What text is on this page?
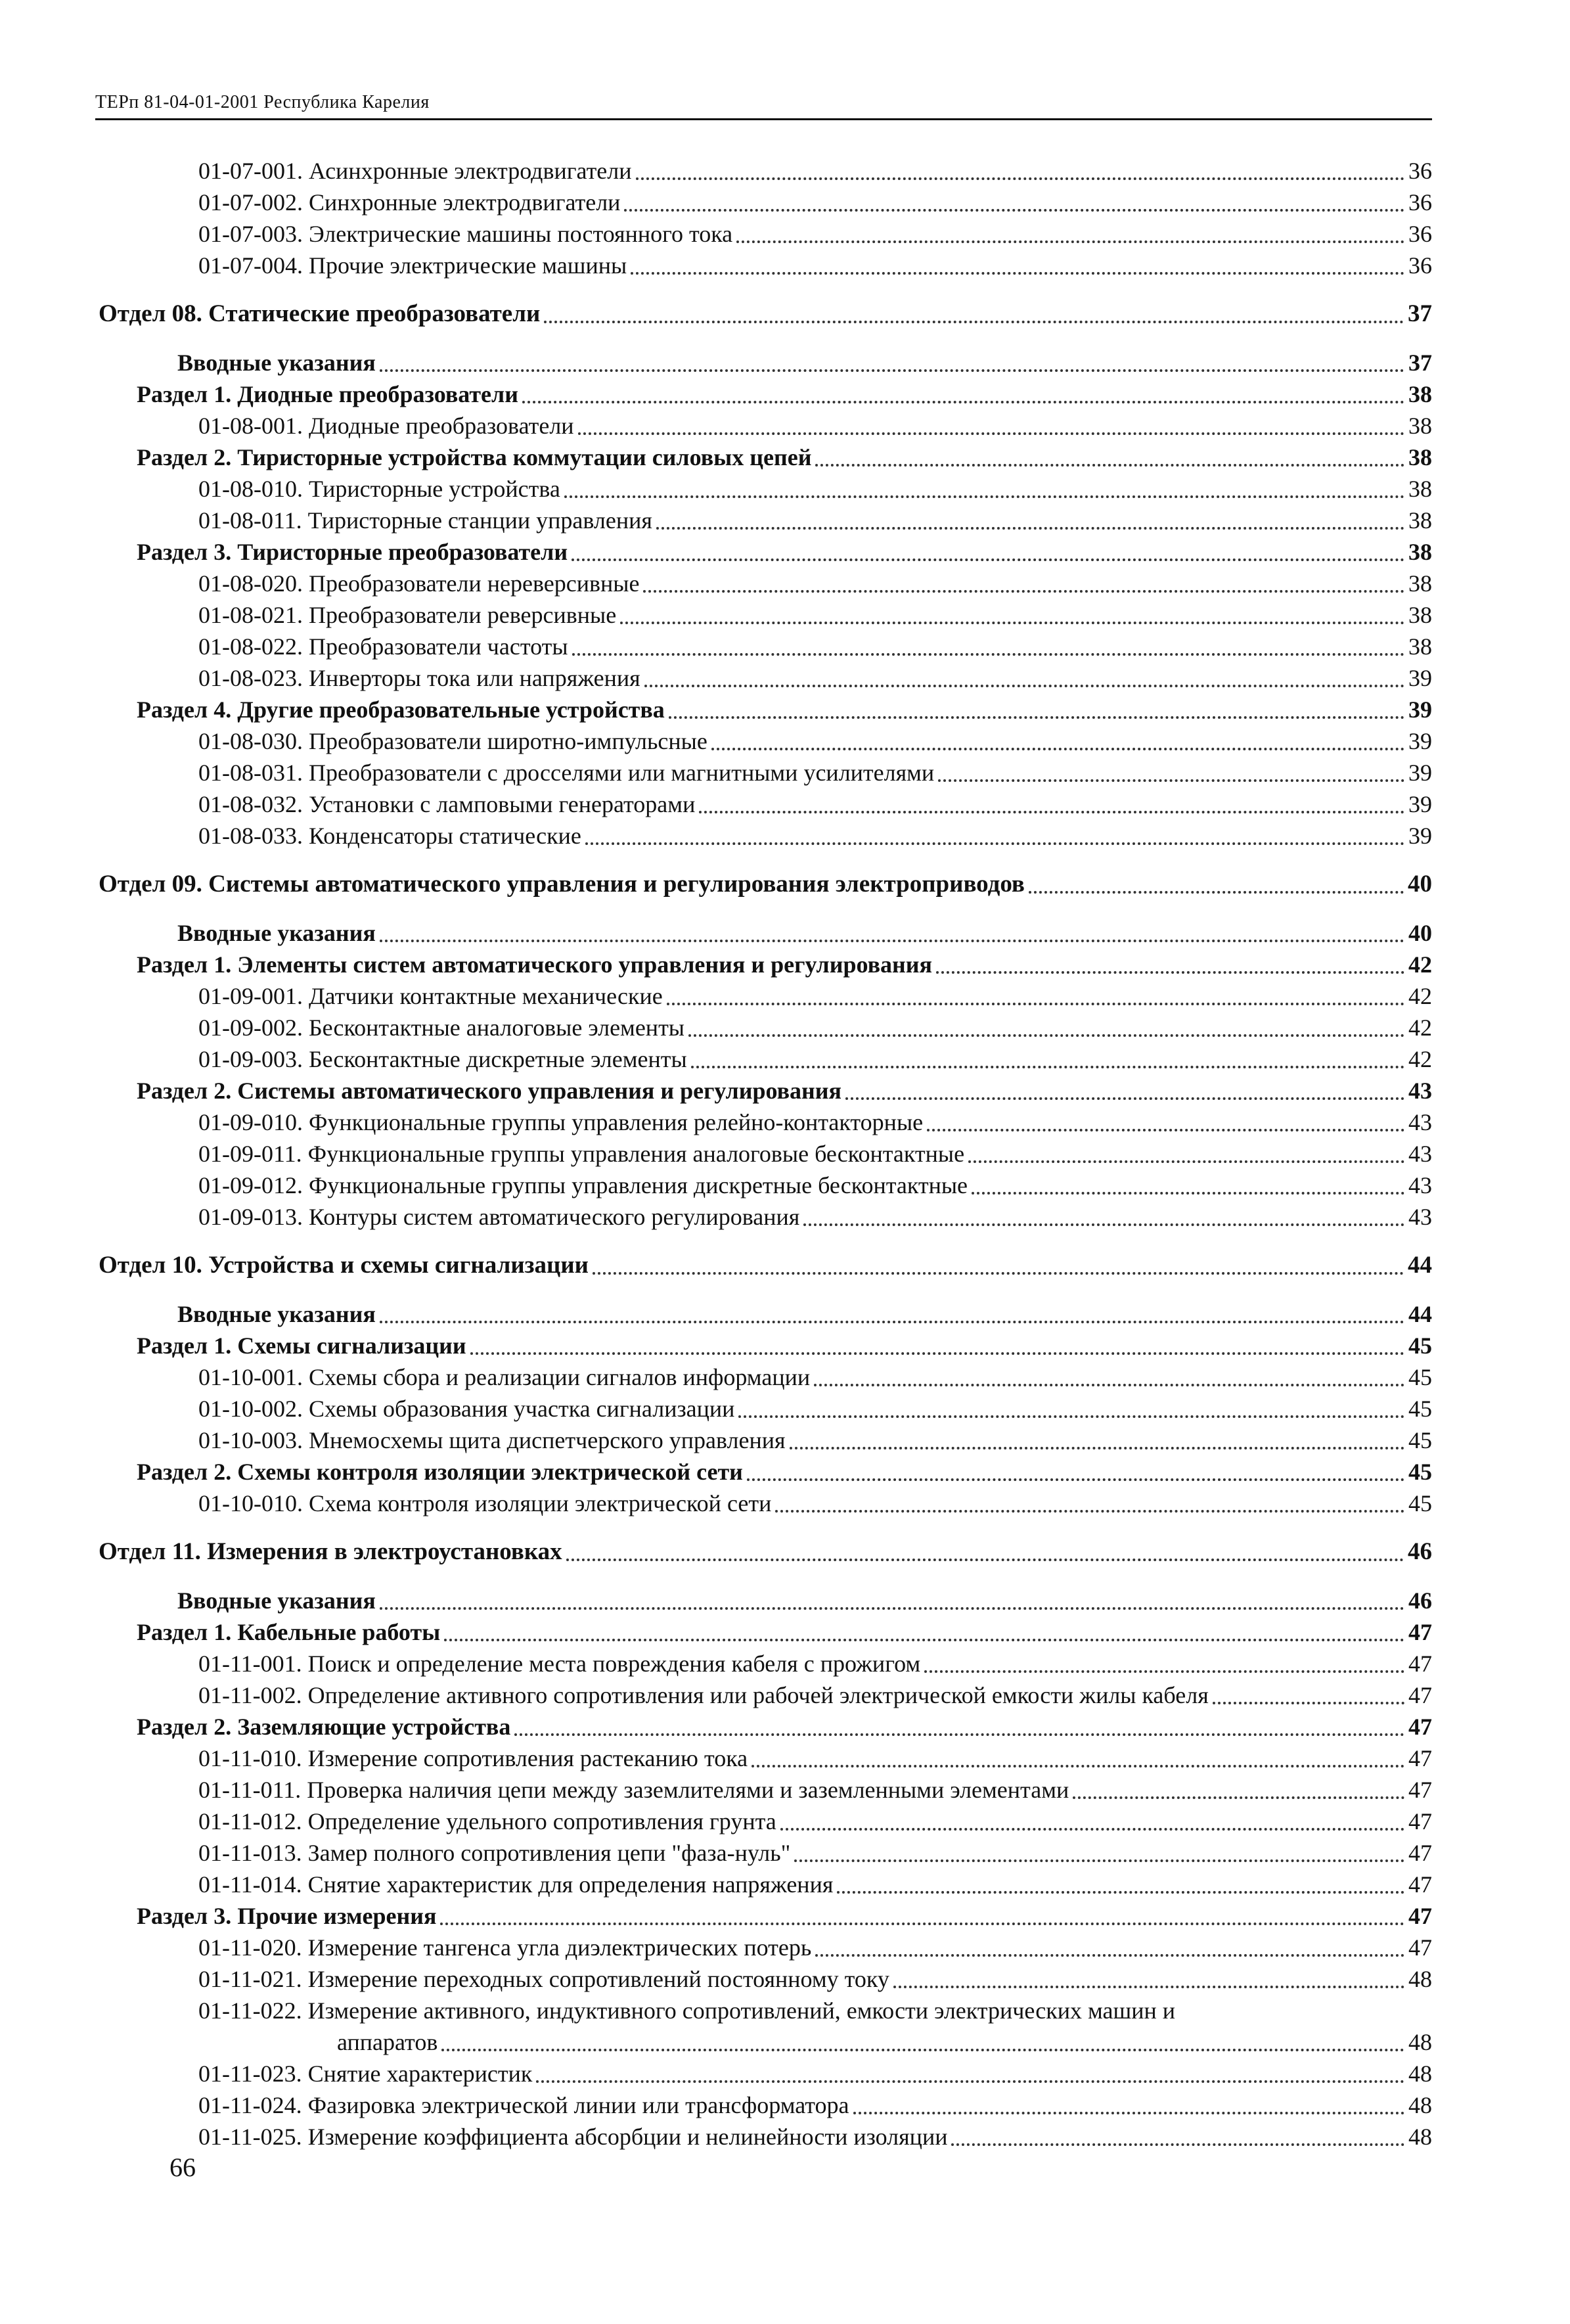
ТЕРп 81-04-01-2001 Республика Карелия
01-07-001. Асинхронные электродвигатели	36
01-07-002. Синхронные электродвигатели	36
01-07-003. Электрические машины постоянного тока	36
01-07-004. Прочие электрические машины	36
Отдел 08. Статические преобразователи	37
Вводные указания	37
Раздел 1. Диодные преобразователи	38
01-08-001. Диодные преобразователи	38
Раздел 2. Тиристорные устройства коммутации силовых цепей	38
01-08-010. Тиристорные устройства	38
01-08-011. Тиристорные станции управления	38
Раздел 3. Тиристорные преобразователи	38
01-08-020. Преобразователи нереверсивные	38
01-08-021. Преобразователи реверсивные	38
01-08-022. Преобразователи частоты	38
01-08-023. Инверторы тока или напряжения	39
Раздел 4. Другие преобразовательные устройства	39
01-08-030. Преобразователи широтно-импульсные	39
01-08-031. Преобразователи с дросселями или магнитными усилителями	39
01-08-032. Установки с ламповыми генераторами	39
01-08-033. Конденсаторы статические	39
Отдел 09. Системы автоматического управления и регулирования электроприводов	40
Вводные указания	40
Раздел 1. Элементы систем автоматического управления и регулирования	42
01-09-001. Датчики контактные механические	42
01-09-002. Бесконтактные аналоговые элементы	42
01-09-003. Бесконтактные дискретные элементы	42
Раздел 2. Системы автоматического управления и регулирования	43
01-09-010. Функциональные группы управления релейно-контакторные	43
01-09-011. Функциональные группы управления аналоговые бесконтактные	43
01-09-012. Функциональные группы управления дискретные бесконтактные	43
01-09-013. Контуры систем автоматического регулирования	43
Отдел 10. Устройства и схемы сигнализации	44
Вводные указания	44
Раздел 1. Схемы сигнализации	45
01-10-001. Схемы сбора и реализации сигналов информации	45
01-10-002. Схемы образования участка сигнализации	45
01-10-003. Мнемосхемы щита диспетчерского управления	45
Раздел 2. Схемы контроля изоляции электрической сети	45
01-10-010. Схема контроля изоляции электрической сети	45
Отдел 11. Измерения в электроустановках	46
Вводные указания	46
Раздел 1. Кабельные работы	47
01-11-001. Поиск и определение места повреждения кабеля с прожигом	47
01-11-002. Определение активного сопротивления или рабочей электрической емкости жилы кабеля	47
Раздел 2. Заземляющие устройства	47
01-11-010. Измерение сопротивления растеканию тока	47
01-11-011. Проверка наличия цепи между заземлителями и заземленными элементами	47
01-11-012. Определение удельного сопротивления грунта	47
01-11-013. Замер полного сопротивления цепи "фаза-нуль"	47
01-11-014. Снятие характеристик для определения напряжения	47
Раздел 3. Прочие измерения	47
01-11-020. Измерение тангенса угла диэлектрических потерь	47
01-11-021. Измерение переходных сопротивлений постоянному току	48
01-11-022. Измерение активного, индуктивного сопротивлений, емкости электрических машин и
аппаратов	48
01-11-023. Снятие характеристик	48
01-11-024. Фазировка электрической линии или трансформатора	48
01-11-025. Измерение коэффициента абсорбции и нелинейности изоляции	48
66
